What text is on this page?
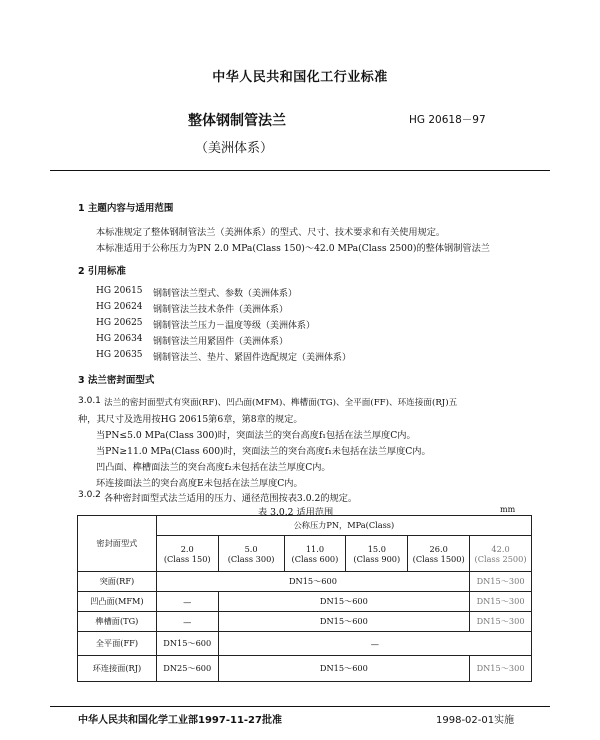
中华人民共和国化工行业标准
整体钢制管法兰
（美洲体系）
HG 20618－97
1 主题内容与适用范围
本标准规定了整体钢制管法兰（美洲体系）的型式、尺寸、技术要求和有关使用规定。
本标准适用于公称压力为PN 2.0 MPa(Class 150)～42.0 MPa(Class 2500)的整体钢制管法兰
2 引用标准
HG 20615 钢制管法兰型式、参数（美洲体系）
HG 20624 钢制管法兰技术条件（美洲体系）
HG 20625 钢制管法兰压力－温度等级（美洲体系）
HG 20634 钢制管法兰用紧固件（美洲体系）
HG 20635 钢制管法兰、垫片、紧固件选配规定（美洲体系）
3 法兰密封面型式
3.0.1 法兰的密封面型式有突面(RF)、凹凸面(MFM)、榫槽面(TG)、全平面(FF)、环连接面(RJ)五
种，其尺寸及选用按HG 20615第6章，第8章的规定。
当PN≤5.0 MPa(Class 300)时，突面法兰的突台高度f₁包括在法兰厚度C内。
当PN≥11.0 MPa(Class 600)时，突面法兰的突台高度f₁未包括在法兰厚度C内。
凹凸面、榫槽面法兰的突台高度f₂未包括在法兰厚度C内。
环连接面法兰的突台高度E未包括在法兰厚度C内。
3.0.2 各种密封面型式法兰适用的压力、通径范围按表3.0.2的规定。
表 3.0.2 适用范围	mm
密封面型式	公称压力PN，MPa(Class)					
	2.0
(Class 150)	5.0
(Class 300)	11.0
(Class 600)	15.0
(Class 900)	26.0
(Class 1500)	42.0
(Class 2500)
突面(RF)	DN15～600					DN15～300
凹凸面(MFM)	—	DN15～600				DN15～300
榫槽面(TG)	—	DN15～600				DN15～300
全平面(FF)	DN15～600	—				
环连接面(RJ)	DN25～600	DN15～600				DN15～300
中华人民共和国化学工业部1997-11-27批准	1998-02-01实施
